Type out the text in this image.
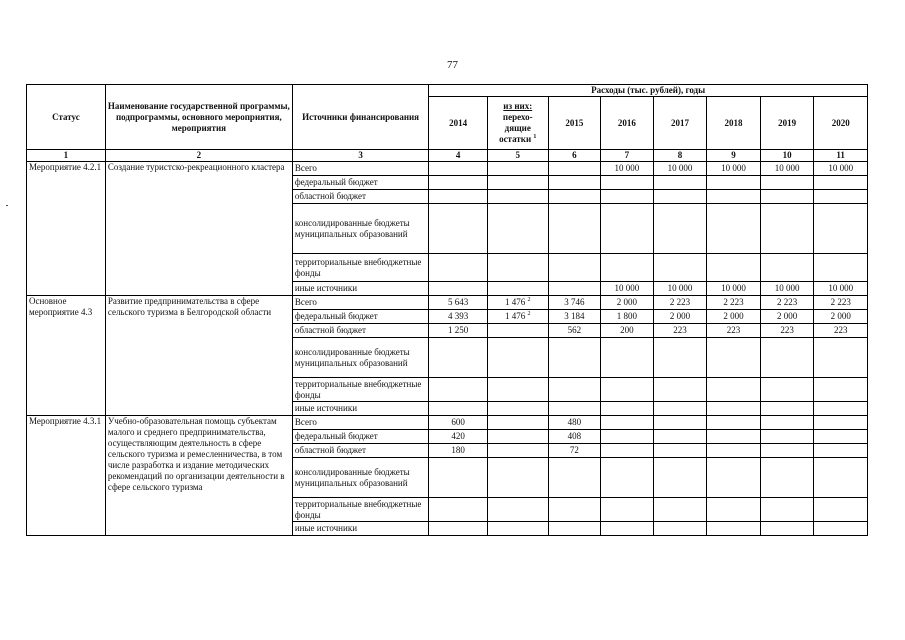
77
Статус	Наименование государственной программы, подпрограммы, основного мероприятия, мероприятия	Источники финансирования	Расходы (тыс. рублей), годы							
			2014	из них:
перехо-
дящие
остатки $^1$	2015	2016	2017	2018	2019	2020
1	2	3	4	5	6	7	8	9	10	11
Мероприятие 4.2.1	Создание туристско-рекреационного кластера	Всего				10 000	10 000	10 000	10 000	10 000
		федеральный бюджет								
		областной бюджет								
		консолидированные бюджеты муниципальных образований								
		территориальные внебюджетные фонды								
		иные источники				10 000	10 000	10 000	10 000	10 000
Основное мероприятие 4.3	Развитие предпринимательства в сфере сельского туризма в Белгородской области	Всего	5 643	1 476 $^2$	3 746	2 000	2 223	2 223	2 223	2 223
		федеральный бюджет	4 393	1 476 $^2$	3 184	1 800	2 000	2 000	2 000	2 000
		областной бюджет	1 250		562	200	223	223	223	223
		консолидированные бюджеты муниципальных образований								
		территориальные внебюджетные фонды								
		иные источники								
Мероприятие 4.3.1	Учебно-образовательная помощь субъектам малого и среднего предпринимательства, осуществляющим деятельность в сфере сельского туризма и ремесленничества, в том числе разработка и издание методических рекомендаций по организации деятельности в сфере сельского туризма	Всего	600		480					
		федеральный бюджет	420		408					
		областной бюджет	180		72					
		консолидированные бюджеты муниципальных образований								
		территориальные внебюджетные фонды								
		иные источники								
